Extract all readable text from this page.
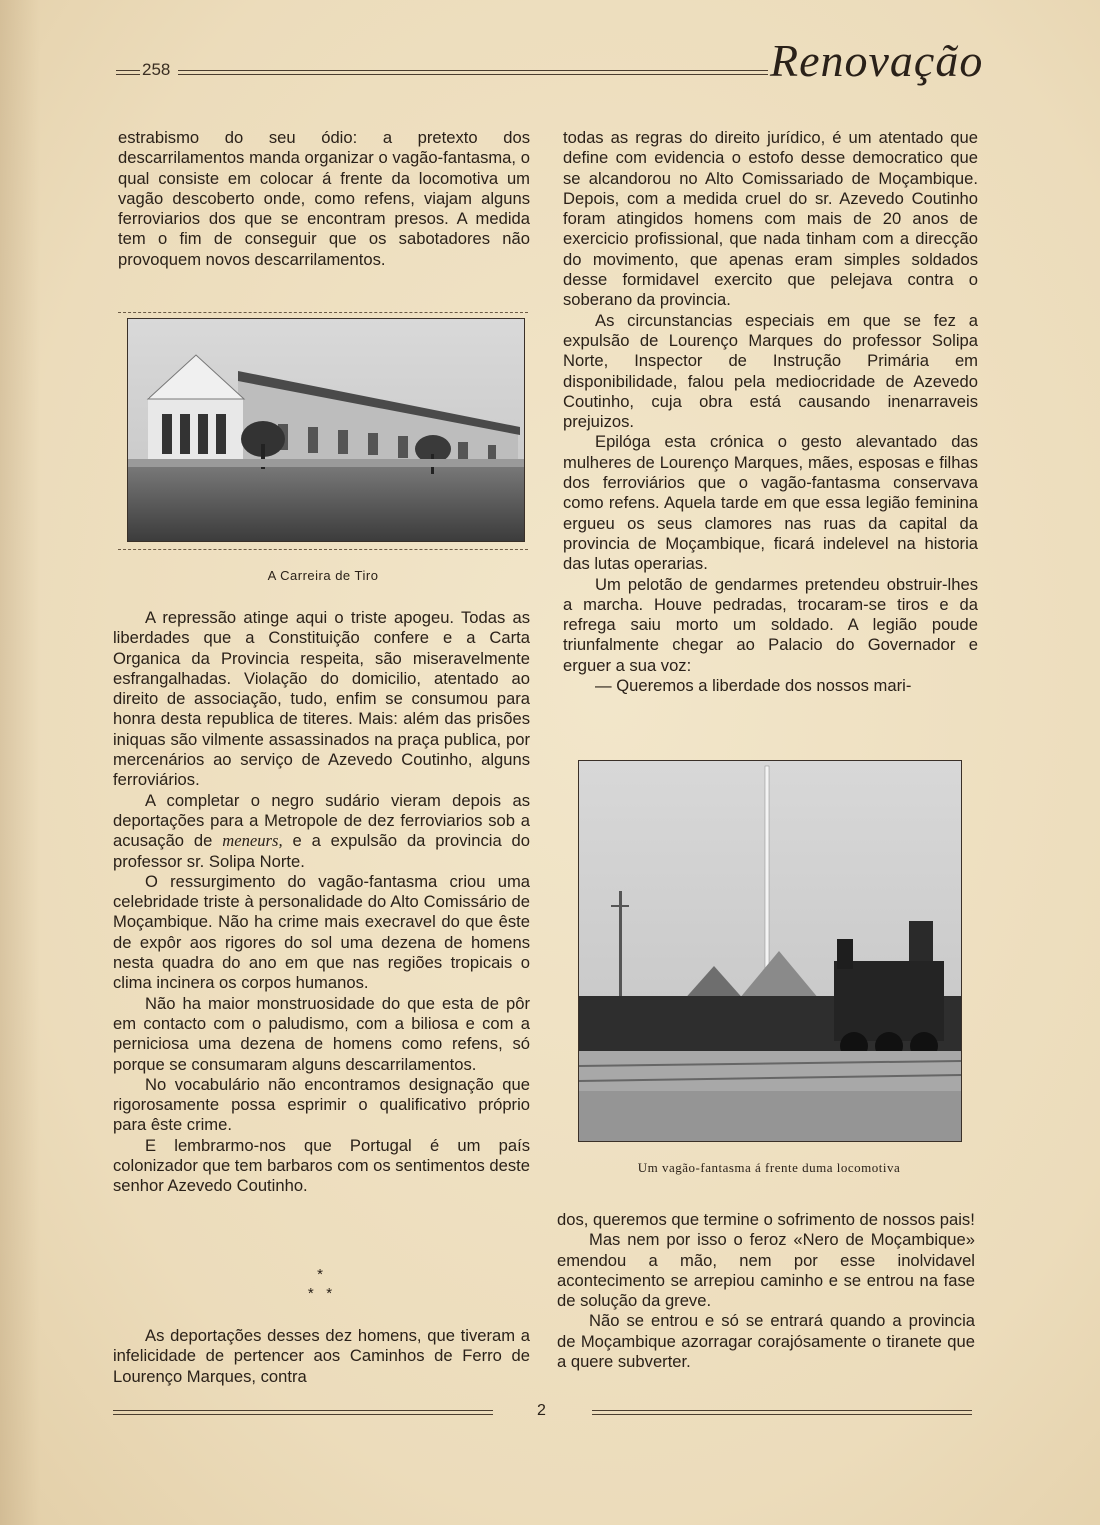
258	Renovação

estrabismo do seu ódio: a pretexto dos descarrilamentos manda organizar o vagão-fantasma, o qual consiste em colocar á frente da locomotiva um vagão descoberto onde, como refens, viajam alguns ferroviarios dos que se encontram presos. A medida tem o fim de conseguir que os sabotadores não provoquem novos descarrilamentos.

A Carreira de Tiro

A repressão atinge aqui o triste apogeu. Todas as liberdades que a Constituição confere e a Carta Organica da Provincia respeita, são miseravelmente esfrangalhadas. Violação do domicilio, atentado ao direito de associação, tudo, enfim se consumou para honra desta republica de titeres. Mais: além das prisões iniquas são vilmente assassinados na praça publica, por mercenários ao serviço de Azevedo Coutinho, alguns ferroviários.

A completar o negro sudário vieram depois as deportações para a Metropole de dez ferroviarios sob a acusação de meneurs, e a expulsão da provincia do professor sr. Solipa Norte.

O ressurgimento do vagão-fantasma criou uma celebridade triste à personalidade do Alto Comissário de Moçambique. Não ha crime mais execravel do que êste de expôr aos rigores do sol uma dezena de homens nesta quadra do ano em que nas regiões tropicais o clima incinera os corpos humanos.

Não ha maior monstruosidade do que esta de pôr em contacto com o paludismo, com a biliosa e com a perniciosa uma dezena de homens como refens, só porque se consumaram alguns descarrilamentos.

No vocabulário não encontramos designação que rigorosamente possa esprimir o qualificativo próprio para êste crime.

E lembrarmo-nos que Portugal é um país colonizador que tem barbaros com os sentimentos deste senhor Azevedo Coutinho.

*
*   *

As deportações desses dez homens, que tiveram a infelicidade de pertencer aos Caminhos de Ferro de Lourenço Marques, contra

todas as regras do direito jurídico, é um atentado que define com evidencia o estofo desse democratico que se alcandorou no Alto Comissariado de Moçambique. Depois, com a medida cruel do sr. Azevedo Coutinho foram atingidos homens com mais de 20 anos de exercicio profissional, que nada tinham com a direcção do movimento, que apenas eram simples soldados desse formidavel exercito que pelejava contra o soberano da provincia.

As circunstancias especiais em que se fez a expulsão de Lourenço Marques do professor Solipa Norte, Inspector de Instrução Primária em disponibilidade, falou pela mediocridade de Azevedo Coutinho, cuja obra está causando inenarraveis prejuizos.

Epilóga esta crónica o gesto alevantado das mulheres de Lourenço Marques, mães, esposas e filhas dos ferroviários que o vagão-fantasma conservava como refens. Aquela tarde em que essa legião feminina ergueu os seus clamores nas ruas da capital da provincia de Moçambique, ficará indelevel na historia das lutas operarias.

Um pelotão de gendarmes pretendeu obstruir-lhes a marcha. Houve pedradas, trocaram-se tiros e da refrega saiu morto um soldado. A legião poude triunfalmente chegar ao Palacio do Governador e erguer a sua voz:

— Queremos a liberdade dos nossos mari-

Um vagão-fantasma á frente duma locomotiva

dos, queremos que termine o sofrimento de nossos pais!

Mas nem por isso o feroz «Nero de Moçambique» emendou a mão, nem por esse inolvidavel acontecimento se arrepiou caminho e se entrou na fase de solução da greve.

Não se entrou e só se entrará quando a provincia de Moçambique azorragar corajósamente o tiranete que a quere subverter.

2
